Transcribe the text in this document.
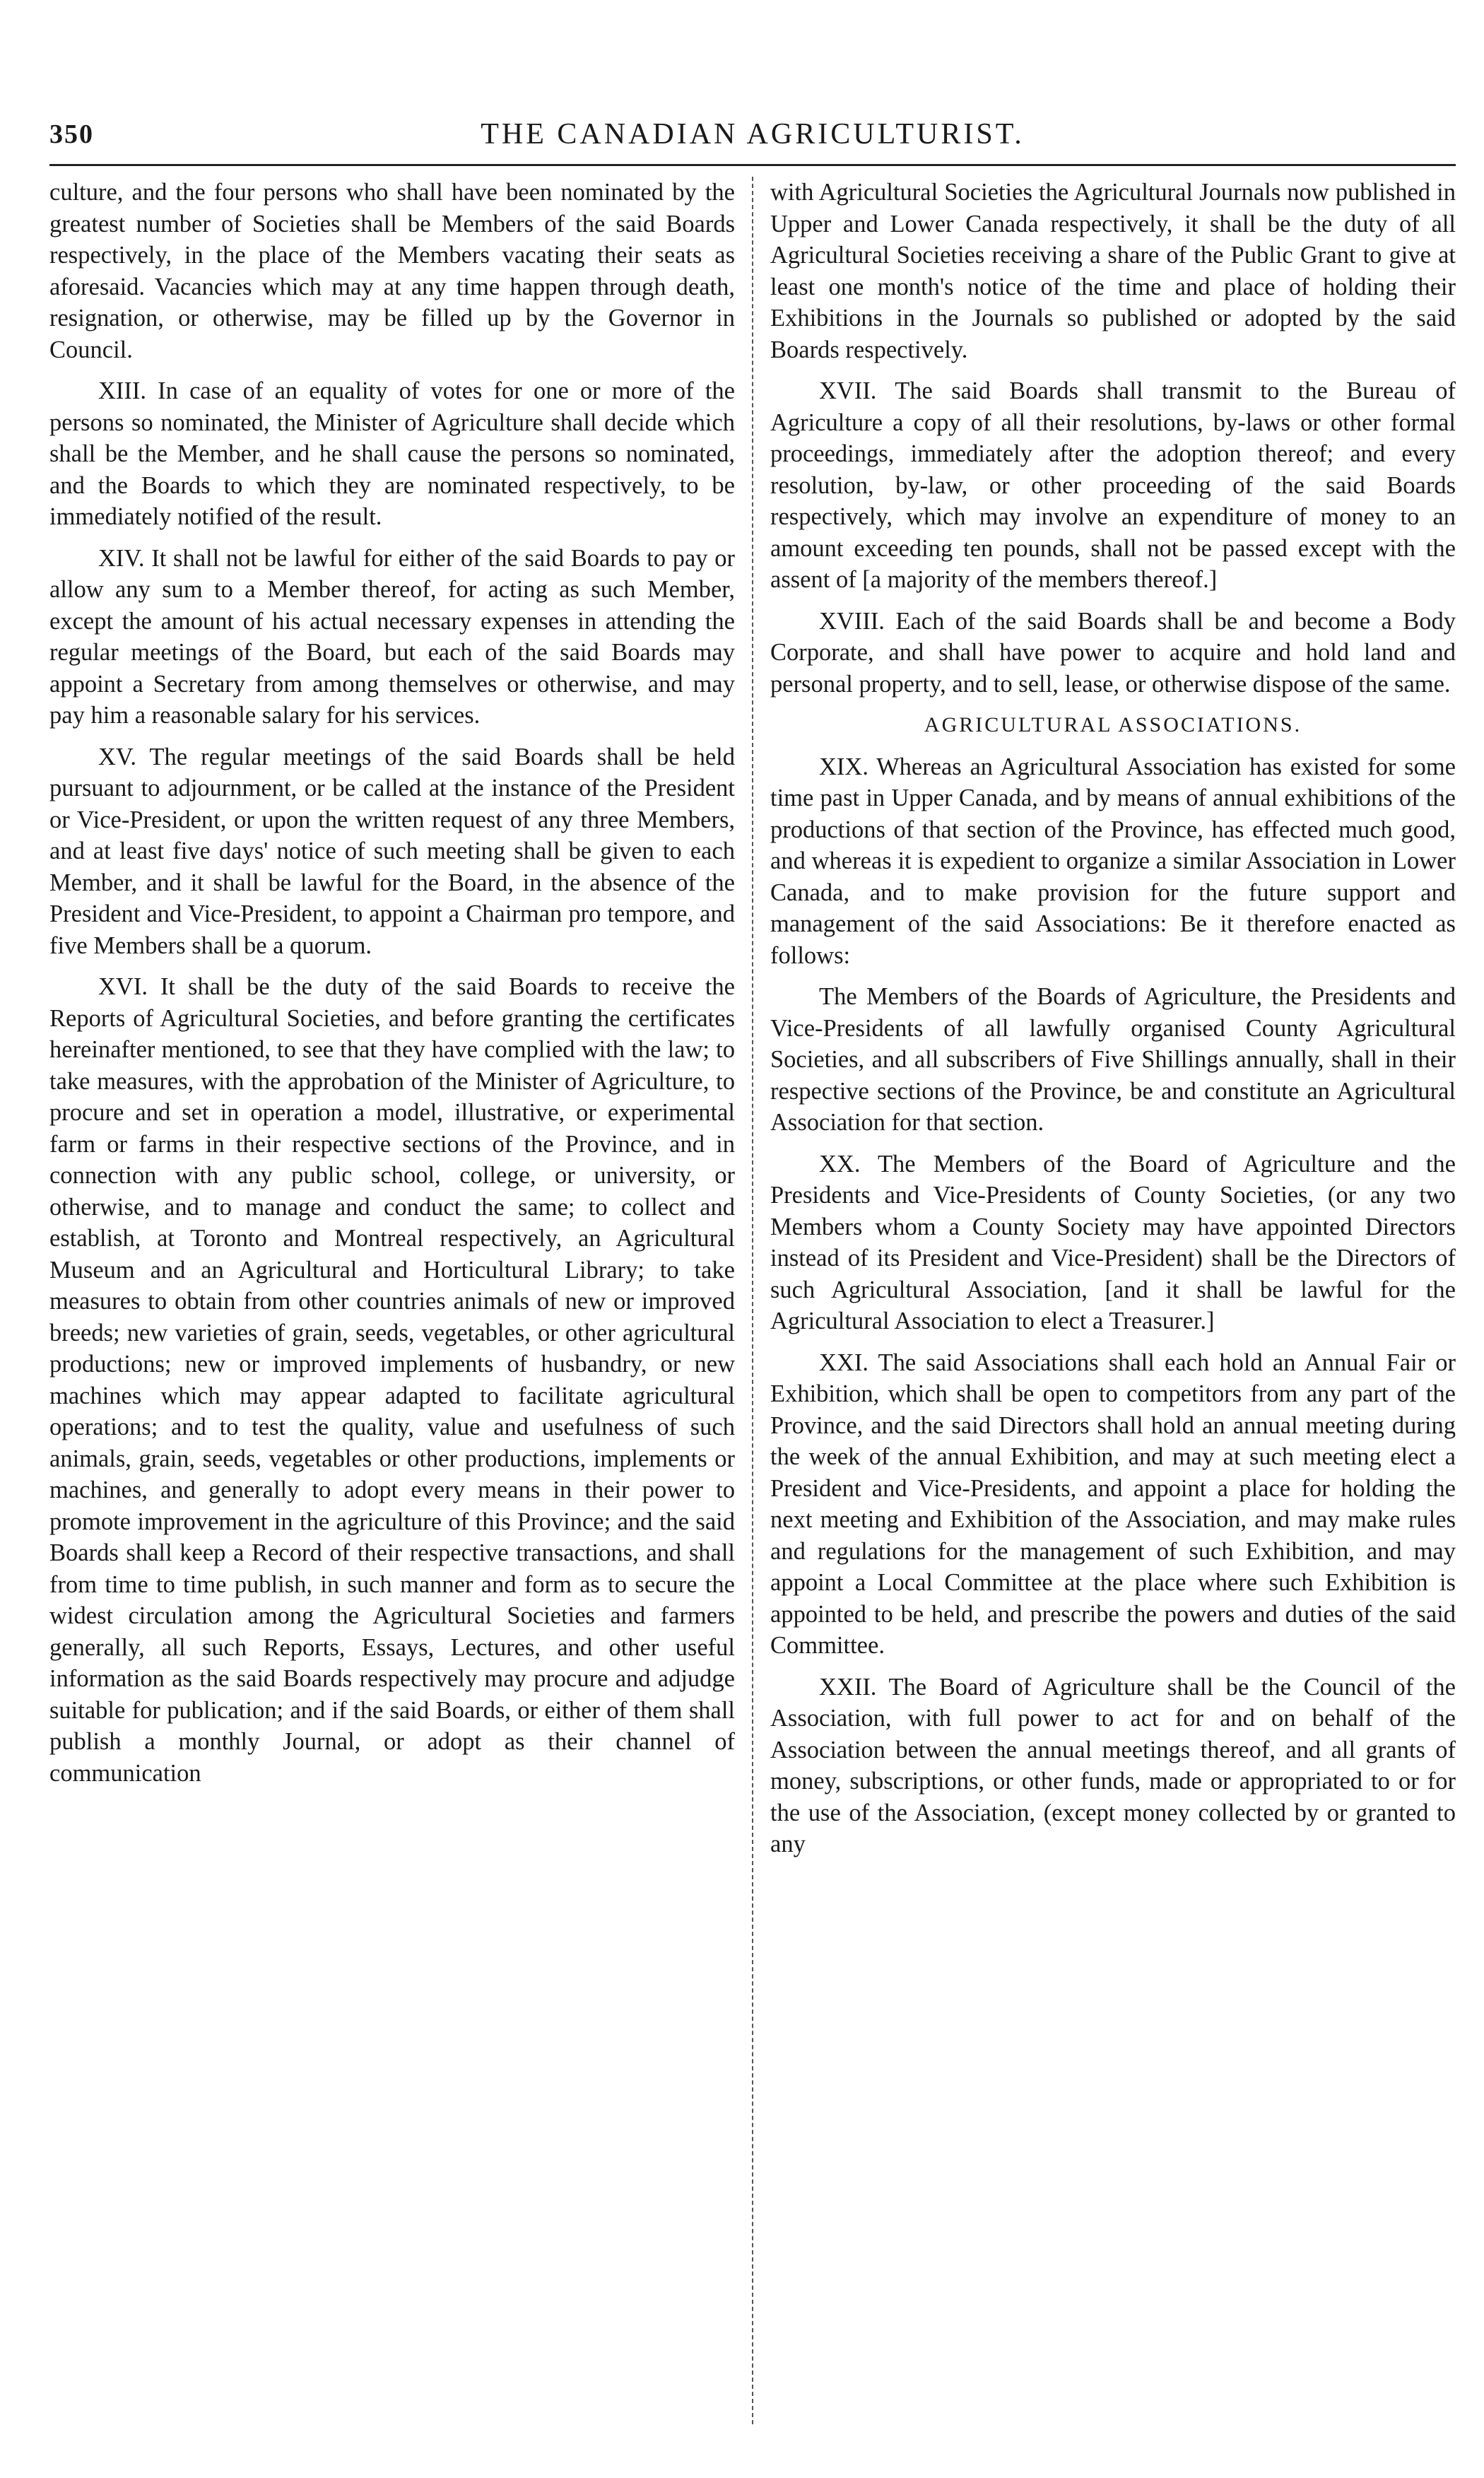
350	THE CANADIAN AGRICULTURIST.

culture, and the four persons who shall have been nominated by the greatest number of Societies shall be Members of the said Boards respectively, in the place of the Members vacating their seats as aforesaid. Vacancies which may at any time happen through death, resignation, or otherwise, may be filled up by the Governor in Council.

XIII. In case of an equality of votes for one or more of the persons so nominated, the Minister of Agriculture shall decide which shall be the Member, and he shall cause the persons so nominated, and the Boards to which they are nominated respectively, to be immediately notified of the result.

XIV. It shall not be lawful for either of the said Boards to pay or allow any sum to a Member thereof, for acting as such Member, except the amount of his actual necessary expenses in attending the regular meetings of the Board, but each of the said Boards may appoint a Secretary from among themselves or otherwise, and may pay him a reasonable salary for his services.

XV. The regular meetings of the said Boards shall be held pursuant to adjournment, or be called at the instance of the President or Vice-President, or upon the written request of any three Members, and at least five days' notice of such meeting shall be given to each Member, and it shall be lawful for the Board, in the absence of the President and Vice-President, to appoint a Chairman pro tempore, and five Members shall be a quorum.

XVI. It shall be the duty of the said Boards to receive the Reports of Agricultural Societies, and before granting the certificates hereinafter mentioned, to see that they have complied with the law; to take measures, with the approbation of the Minister of Agriculture, to procure and set in operation a model, illustrative, or experimental farm or farms in their respective sections of the Province, and in connection with any public school, college, or university, or otherwise, and to manage and conduct the same; to collect and establish, at Toronto and Montreal respectively, an Agricultural Museum and an Agricultural and Horticultural Library; to take measures to obtain from other countries animals of new or improved breeds; new varieties of grain, seeds, vegetables, or other agricultural productions; new or improved implements of husbandry, or new machines which may appear adapted to facilitate agricultural operations; and to test the quality, value and usefulness of such animals, grain, seeds, vegetables or other productions, implements or machines, and generally to adopt every means in their power to promote improvement in the agriculture of this Province; and the said Boards shall keep a Record of their respective transactions, and shall from time to time publish, in such manner and form as to secure the widest circulation among the Agricultural Societies and farmers generally, all such Reports, Essays, Lectures, and other useful information as the said Boards respectively may procure and adjudge suitable for publication; and if the said Boards, or either of them shall publish a monthly Journal, or adopt as their channel of communication

with Agricultural Societies the Agricultural Journals now published in Upper and Lower Canada respectively, it shall be the duty of all Agricultural Societies receiving a share of the Public Grant to give at least one month's notice of the time and place of holding their Exhibitions in the Journals so published or adopted by the said Boards respectively.

XVII. The said Boards shall transmit to the Bureau of Agriculture a copy of all their resolutions, by-laws or other formal proceedings, immediately after the adoption thereof; and every resolution, by-law, or other proceeding of the said Boards respectively, which may involve an expenditure of money to an amount exceeding ten pounds, shall not be passed except with the assent of [a majority of the members thereof.]

XVIII. Each of the said Boards shall be and become a Body Corporate, and shall have power to acquire and hold land and personal property, and to sell, lease, or otherwise dispose of the same.

AGRICULTURAL ASSOCIATIONS.

XIX. Whereas an Agricultural Association has existed for some time past in Upper Canada, and by means of annual exhibitions of the productions of that section of the Province, has effected much good, and whereas it is expedient to organize a similar Association in Lower Canada, and to make provision for the future support and management of the said Associations: Be it therefore enacted as follows:

The Members of the Boards of Agriculture, the Presidents and Vice-Presidents of all lawfully organised County Agricultural Societies, and all subscribers of Five Shillings annually, shall in their respective sections of the Province, be and constitute an Agricultural Association for that section.

XX. The Members of the Board of Agriculture and the Presidents and Vice-Presidents of County Societies, (or any two Members whom a County Society may have appointed Directors instead of its President and Vice-President) shall be the Directors of such Agricultural Association, [and it shall be lawful for the Agricultural Association to elect a Treasurer.]

XXI. The said Associations shall each hold an Annual Fair or Exhibition, which shall be open to competitors from any part of the Province, and the said Directors shall hold an annual meeting during the week of the annual Exhibition, and may at such meeting elect a President and Vice-Presidents, and appoint a place for holding the next meeting and Exhibition of the Association, and may make rules and regulations for the management of such Exhibition, and may appoint a Local Committee at the place where such Exhibition is appointed to be held, and prescribe the powers and duties of the said Committee.

XXII. The Board of Agriculture shall be the Council of the Association, with full power to act for and on behalf of the Association between the annual meetings thereof, and all grants of money, subscriptions, or other funds, made or appropriated to or for the use of the Association, (except money collected by or granted to any
